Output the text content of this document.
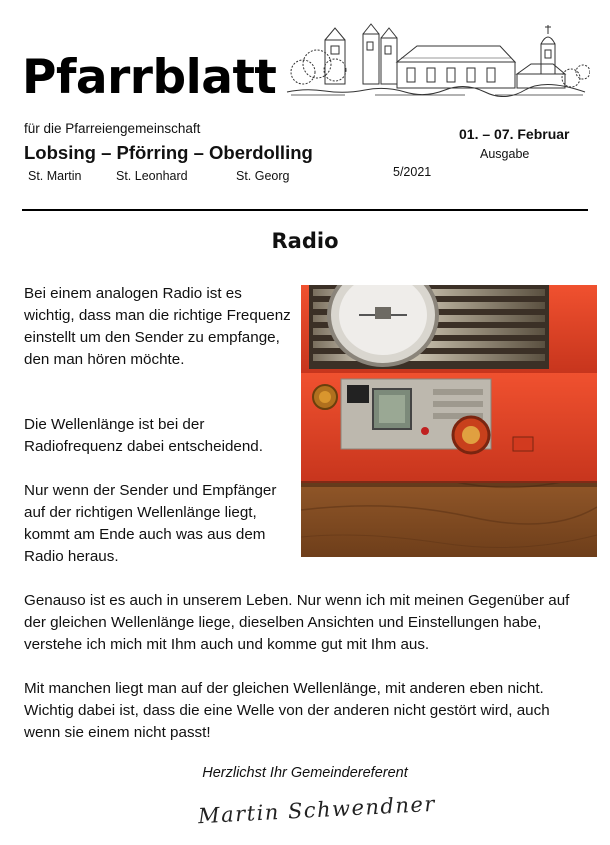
Pfarrblatt
für die Pfarreiengemeinschaft
Lobsing – Pförring – Oberdolling
St. Martin	St. Leonhard	St. Georg	5/2021
01. – 07. Februar
Ausgabe
Radio

Bei einem analogen Radio ist es wichtig, dass man die richtige Frequenz einstellt um den Sender zu empfange, den man hören möchte.

Die Wellenlänge ist bei der Radiofrequenz dabei entscheidend.

Nur wenn der Sender und Empfänger auf der richtigen Wellenlänge liegt, kommt am Ende auch was aus dem Radio heraus.

Genauso ist es auch in unserem Leben. Nur wenn ich mit meinen Gegenüber auf der gleichen Wellenlänge liege, dieselben Ansichten und Einstellungen habe, verstehe ich mich mit Ihm auch und komme gut mit Ihm aus.

Mit manchen liegt man auf der gleichen Wellenlänge, mit anderen eben nicht. Wichtig dabei ist, dass die eine Welle von der anderen nicht gestört wird, auch wenn sie einem nicht passt!

Herzlichst Ihr Gemeindereferent

Martin Schwendner
